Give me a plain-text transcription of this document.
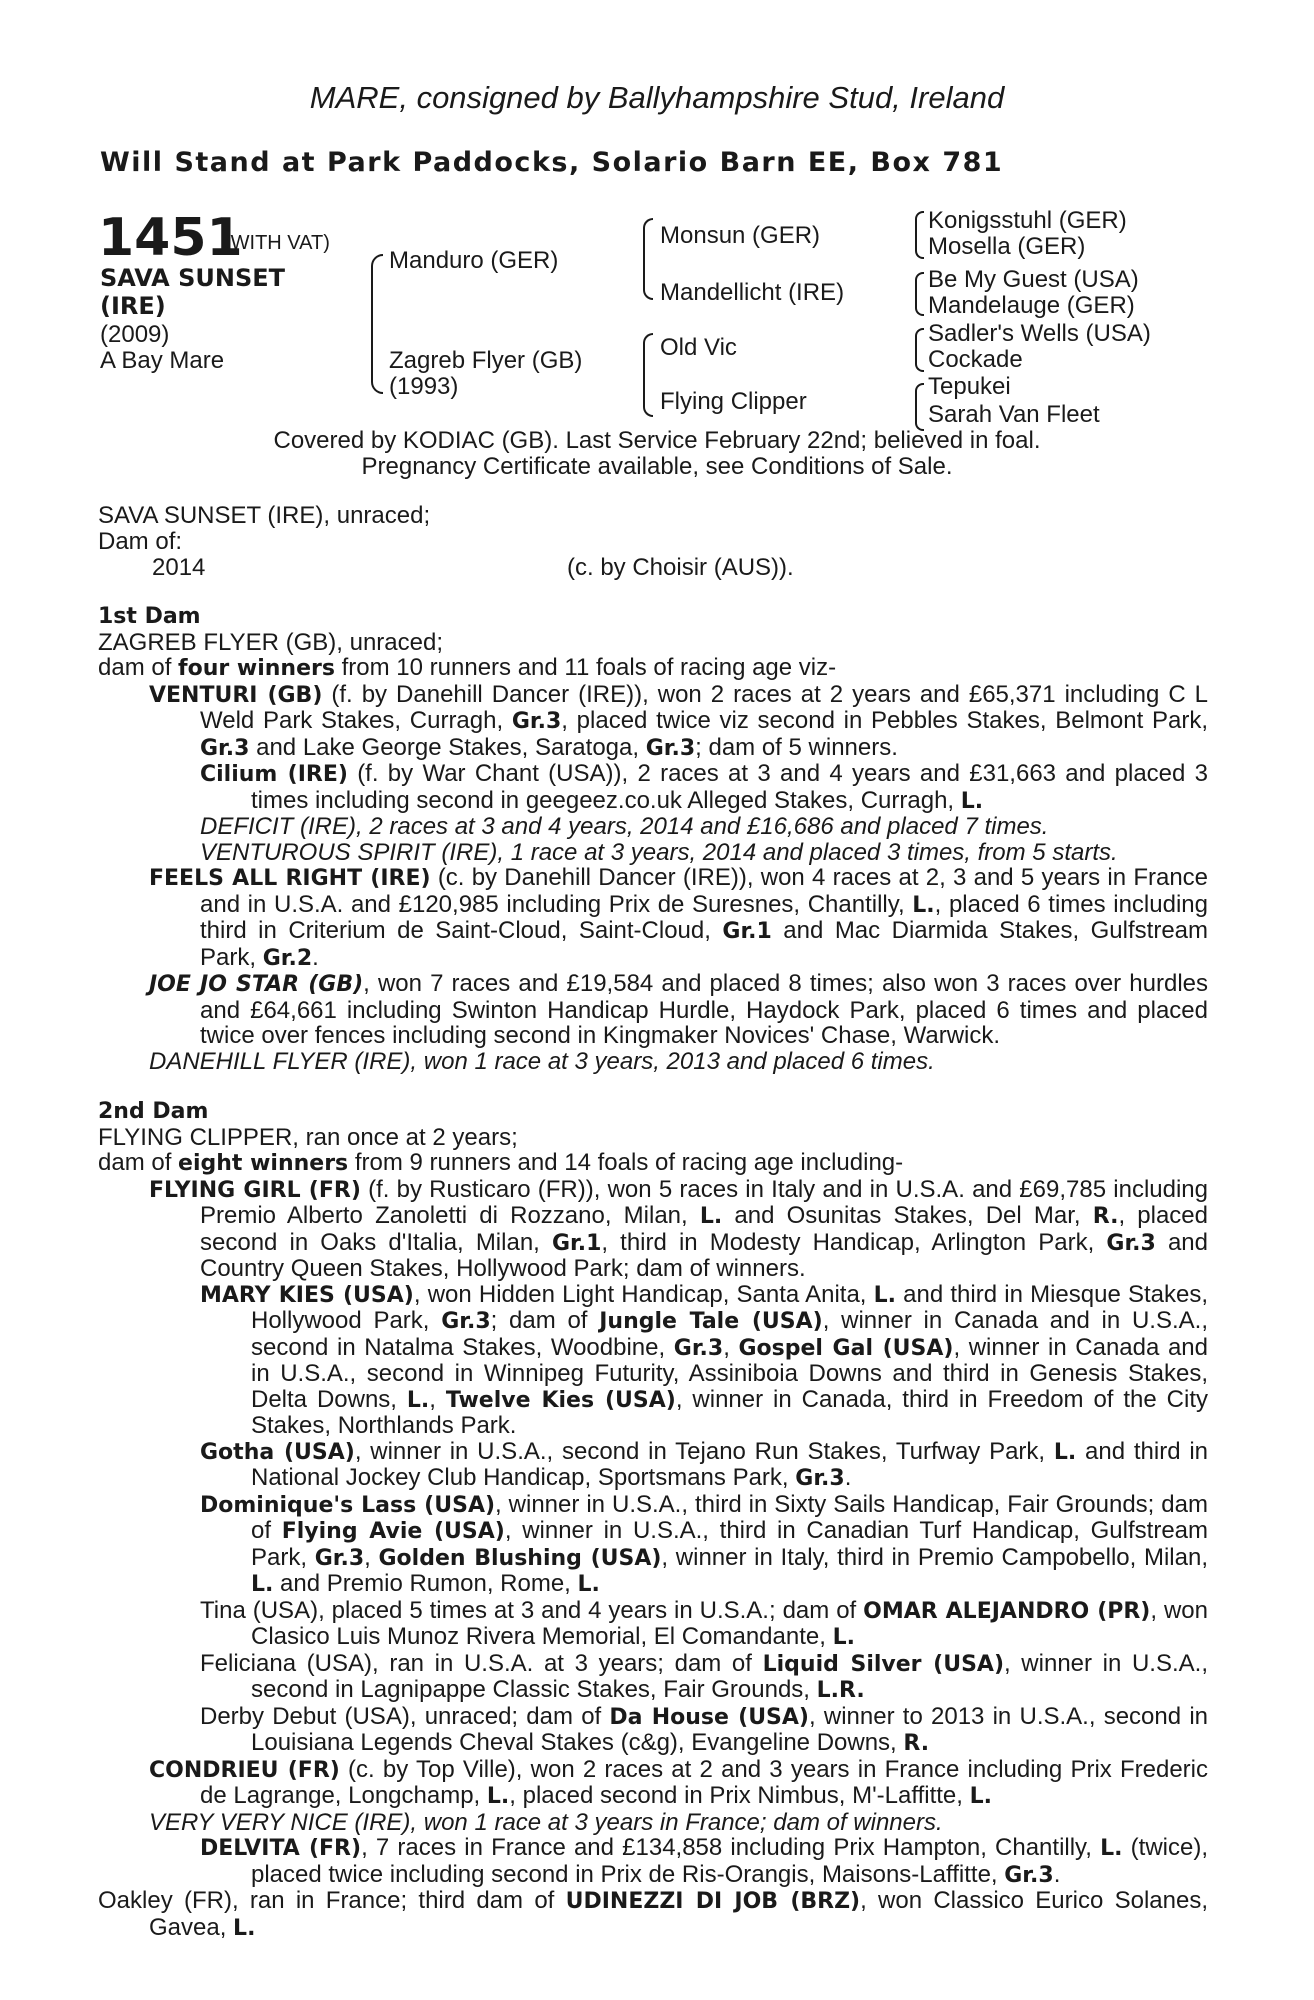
MARE, consigned by Ballyhampshire Stud, Ireland
Will Stand at Park Paddocks, Solario Barn EE, Box 781
1451
(WITH VAT)
SAVA SUNSET
(IRE)
(2009)
A Bay Mare
Manduro (GER)
Zagreb Flyer (GB)
(1993)
Monsun (GER)
Mandellicht (IRE)
Old Vic
Flying Clipper
Konigsstuhl (GER)
Mosella (GER)
Be My Guest (USA)
Mandelauge (GER)
Sadler's Wells (USA)
Cockade
Tepukei
Sarah Van Fleet
Covered by KODIAC (GB). Last Service February 22nd; believed in foal.
Pregnancy Certificate available, see Conditions of Sale.
SAVA SUNSET (IRE), unraced;
Dam of:
2014	(c. by Choisir (AUS)).

1st Dam

ZAGREB FLYER (GB), unraced;

dam of four winners from 10 runners and 11 foals of racing age viz-

VENTURI (GB) (f. by Danehill Dancer (IRE)), won 2 races at 2 years and £65,371 including C L Weld Park Stakes, Curragh, Gr.3, placed twice viz second in Pebbles Stakes, Belmont Park, Gr.3 and Lake George Stakes, Saratoga, Gr.3; dam of 5 winners.

Cilium (IRE) (f. by War Chant (USA)), 2 races at 3 and 4 years and £31,663 and placed 3 times including second in geegeez.co.uk Alleged Stakes, Curragh, L.

DEFICIT (IRE), 2 races at 3 and 4 years, 2014 and £16,686 and placed 7 times.

VENTUROUS SPIRIT (IRE), 1 race at 3 years, 2014 and placed 3 times, from 5 starts.

FEELS ALL RIGHT (IRE) (c. by Danehill Dancer (IRE)), won 4 races at 2, 3 and 5 years in France and in U.S.A. and £120,985 including Prix de Suresnes, Chantilly, L., placed 6 times including third in Criterium de Saint-Cloud, Saint-Cloud, Gr.1 and Mac Diarmida Stakes, Gulfstream Park, Gr.2.

JOE JO STAR (GB), won 7 races and £19,584 and placed 8 times; also won 3 races over hurdles and £64,661 including Swinton Handicap Hurdle, Haydock Park, placed 6 times and placed twice over fences including second in Kingmaker Novices' Chase, Warwick.

DANEHILL FLYER (IRE), won 1 race at 3 years, 2013 and placed 6 times.

2nd Dam

FLYING CLIPPER, ran once at 2 years;

dam of eight winners from 9 runners and 14 foals of racing age including-

FLYING GIRL (FR) (f. by Rusticaro (FR)), won 5 races in Italy and in U.S.A. and £69,785 including Premio Alberto Zanoletti di Rozzano, Milan, L. and Osunitas Stakes, Del Mar, R., placed second in Oaks d'Italia, Milan, Gr.1, third in Modesty Handicap, Arlington Park, Gr.3 and Country Queen Stakes, Hollywood Park; dam of winners.

MARY KIES (USA), won Hidden Light Handicap, Santa Anita, L. and third in Miesque Stakes, Hollywood Park, Gr.3; dam of Jungle Tale (USA), winner in Canada and in U.S.A., second in Natalma Stakes, Woodbine, Gr.3, Gospel Gal (USA), winner in Canada and in U.S.A., second in Winnipeg Futurity, Assiniboia Downs and third in Genesis Stakes, Delta Downs, L., Twelve Kies (USA), winner in Canada, third in Freedom of the City Stakes, Northlands Park.

Gotha (USA), winner in U.S.A., second in Tejano Run Stakes, Turfway Park, L. and third in National Jockey Club Handicap, Sportsmans Park, Gr.3.

Dominique's Lass (USA), winner in U.S.A., third in Sixty Sails Handicap, Fair Grounds; dam of Flying Avie (USA), winner in U.S.A., third in Canadian Turf Handicap, Gulfstream Park, Gr.3, Golden Blushing (USA), winner in Italy, third in Premio Campobello, Milan, L. and Premio Rumon, Rome, L.

Tina (USA), placed 5 times at 3 and 4 years in U.S.A.; dam of OMAR ALEJANDRO (PR), won Clasico Luis Munoz Rivera Memorial, El Comandante, L.

Feliciana (USA), ran in U.S.A. at 3 years; dam of Liquid Silver (USA), winner in U.S.A., second in Lagnipappe Classic Stakes, Fair Grounds, L.R.

Derby Debut (USA), unraced; dam of Da House (USA), winner to 2013 in U.S.A., second in Louisiana Legends Cheval Stakes (c&g), Evangeline Downs, R.

CONDRIEU (FR) (c. by Top Ville), won 2 races at 2 and 3 years in France including Prix Frederic de Lagrange, Longchamp, L., placed second in Prix Nimbus, M'-Laffitte, L.

VERY VERY NICE (IRE), won 1 race at 3 years in France; dam of winners.

DELVITA (FR), 7 races in France and £134,858 including Prix Hampton, Chantilly, L. (twice), placed twice including second in Prix de Ris-Orangis, Maisons-Laffitte, Gr.3.

Oakley (FR), ran in France; third dam of UDINEZZI DI JOB (BRZ), won Classico Eurico Solanes, Gavea, L.
